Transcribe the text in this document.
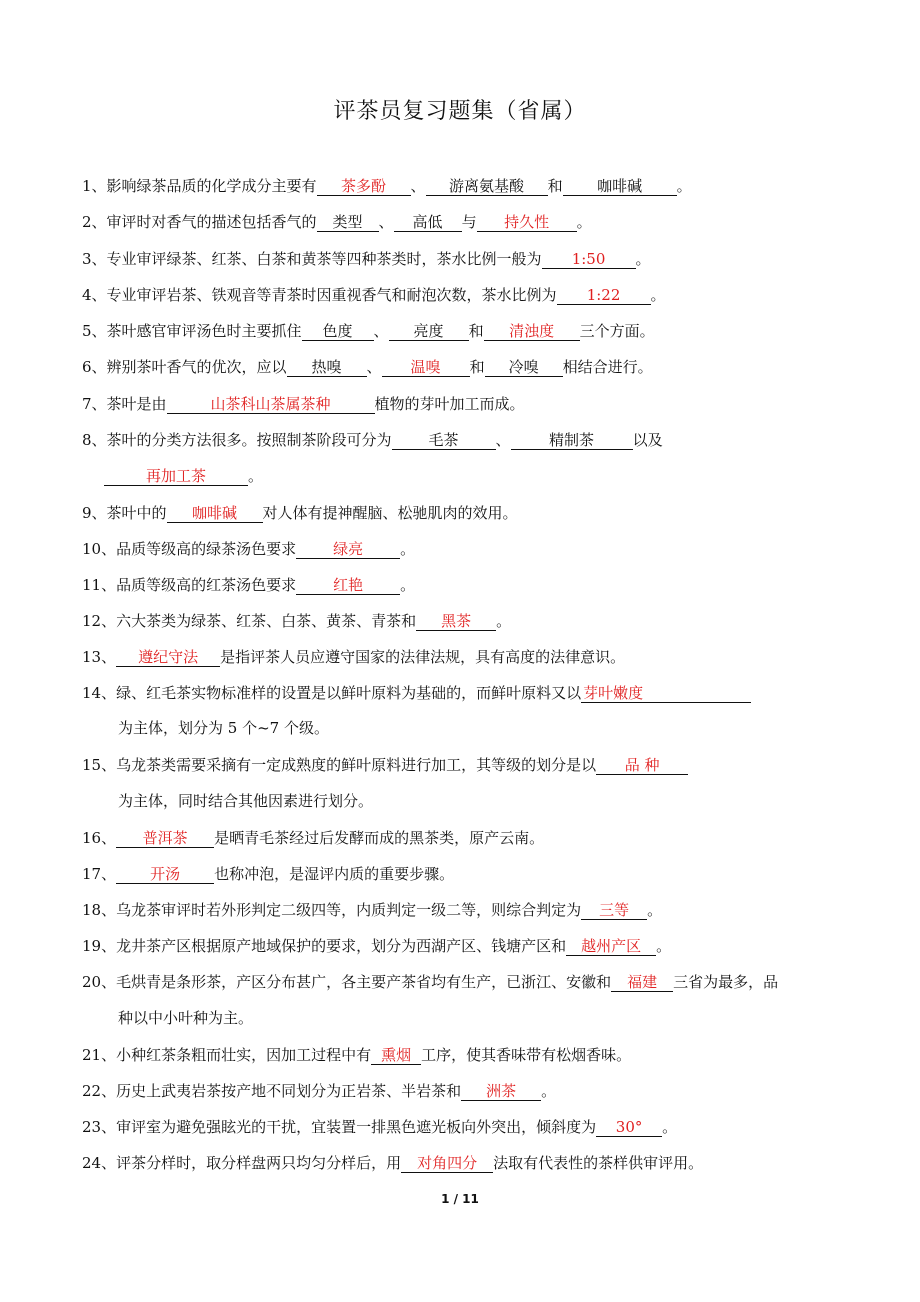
评茶员复习题集（省属）
1、影响绿茶品质的化学成分主要有 茶多酚 、 游离氨基酸 和 咖啡碱 。
2、审评时对香气的描述包括香气的 类型 、 高低 与 持久性 。
3、专业审评绿茶、红茶、白茶和黄茶等四种茶类时，茶水比例一般为 1:50 。
4、专业审评岩茶、铁观音等青茶时因重视香气和耐泡次数，茶水比例为 1:22 。
5、茶叶感官审评汤色时主要抓住 色度 、 亮度 和 清浊度 三个方面。
6、辨别茶叶香气的优次，应以 热嗅 、 温嗅 和 冷嗅 相结合进行。
7、茶叶是由	山茶科山茶属茶种	植物的芽叶加工而成。
8、茶叶的分类方法很多。按照制茶阶段可分为 毛茶 、	精制茶	以及
再加工茶	。
9、茶叶中的 咖啡碱 对人体有提神醒脑、松驰肌肉的效用。
10、品质等级高的绿茶汤色要求 绿亮 。
11、品质等级高的红茶汤色要求 红艳 。
12、六大茶类为绿茶、红茶、白茶、黄茶、青茶和 黑茶 。
13、 遵纪守法 是指评茶人员应遵守国家的法律法规，具有高度的法律意识。
14、绿、红毛茶实物标准样的设置是以鲜叶原料为基础的，而鲜叶原料又以 芽叶嫩度
为主体，划分为 5 个~7 个级。
15、乌龙茶类需要采摘有一定成熟度的鲜叶原料进行加工，其等级的划分是以 品 种
为主体，同时结合其他因素进行划分。
16、 普洱茶 是晒青毛茶经过后发酵而成的黑茶类，原产云南。
17、 开汤 也称冲泡，是湿评内质的重要步骤。
18、乌龙茶审评时若外形判定二级四等，内质判定一级二等，则综合判定为 三等 。
19、龙井茶产区根据原产地域保护的要求，划分为西湖产区、钱塘产区和 越州产区 。
20、毛烘青是条形茶，产区分布甚广，各主要产茶省均有生产，已浙江、安徽和 福建 三省为最多，品
种以中小叶种为主。
21、小种红茶条粗而壮实，因加工过程中有 熏烟 工序，使其香味带有松烟香味。
22、历史上武夷岩茶按产地不同划分为正岩茶、半岩茶和 洲茶 。
23、审评室为避免强眩光的干扰，宜装置一排黑色遮光板向外突出，倾斜度为 30° 。
24、评茶分样时，取分样盘两只均匀分样后，用 对角四分 法取有代表性的茶样供审评用。
1 / 11
